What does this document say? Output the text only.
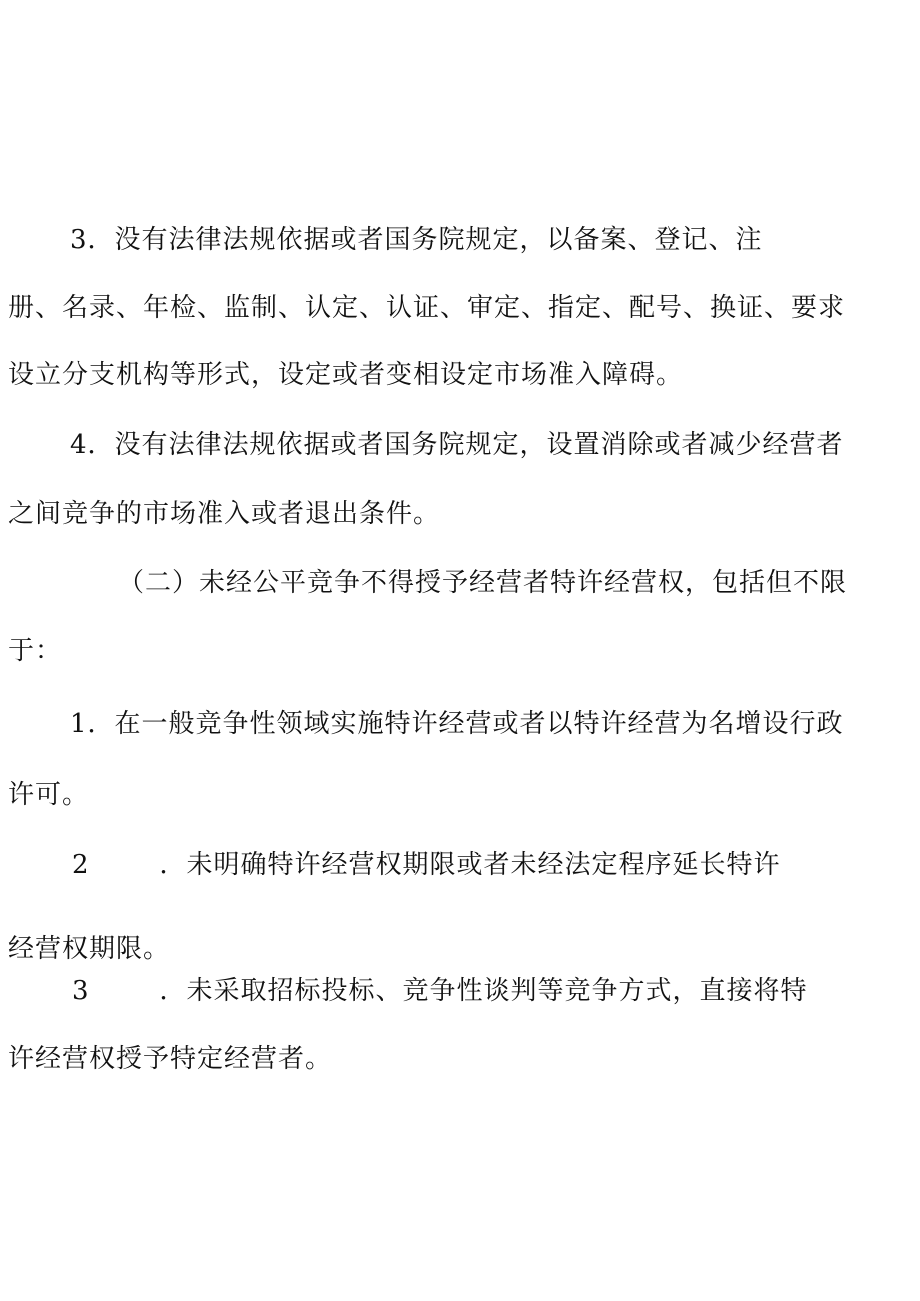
3．没有法律法规依据或者国务院规定，以备案、登记、注
册、名录、年检、监制、认定、认证、审定、指定、配号、换证、要求
设立分支机构等形式，设定或者变相设定市场准入障碍。
4．没有法律法规依据或者国务院规定，设置消除或者减少经营者
之间竞争的市场准入或者退出条件。
（二）未经公平竞争不得授予经营者特许经营权，包括但不限
于：
1．在一般竞争性领域实施特许经营或者以特许经营为名增设行政
许可。
2	．未明确特许经营权期限或者未经法定程序延长特许
经营权期限。
3	．未采取招标投标、竞争性谈判等竞争方式，直接将特
许经营权授予特定经营者。
